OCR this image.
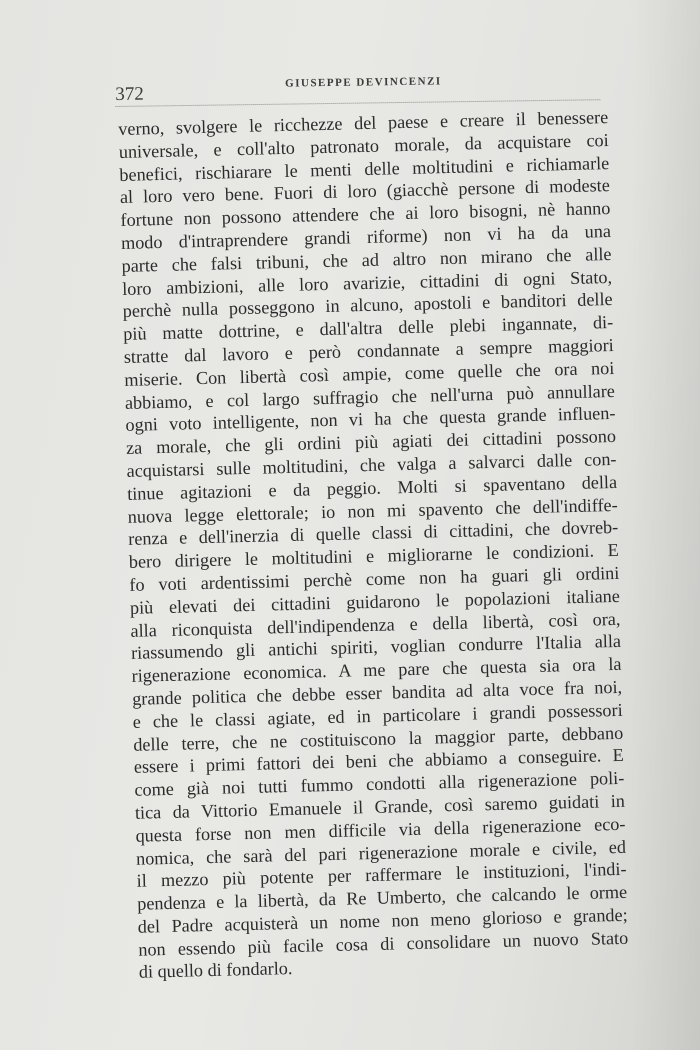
372
GIUSEPPE DEVINCENZI
verno, svolgere le ricchezze del paese e creare il benessere
universale, e coll'alto patronato morale, da acquistare coi
benefici, rischiarare le menti delle moltitudini e richiamarle
al loro vero bene. Fuori di loro (giacchè persone di modeste
fortune non possono attendere che ai loro bisogni, nè hanno
modo d'intraprendere grandi riforme) non vi ha da una
parte che falsi tribuni, che ad altro non mirano che alle
loro ambizioni, alle loro avarizie, cittadini di ogni Stato,
perchè nulla posseggono in alcuno, apostoli e banditori delle
più matte dottrine, e dall'altra delle plebi ingannate, di-
stratte dal lavoro e però condannate a sempre maggiori
miserie. Con libertà così ampie, come quelle che ora noi
abbiamo, e col largo suffragio che nell'urna può annullare
ogni voto intelligente, non vi ha che questa grande influen-
za morale, che gli ordini più agiati dei cittadini possono
acquistarsi sulle moltitudini, che valga a salvarci dalle con-
tinue agitazioni e da peggio. Molti si spaventano della
nuova legge elettorale; io non mi spavento che dell'indiffe-
renza e dell'inerzia di quelle classi di cittadini, che dovreb-
bero dirigere le moltitudini e migliorarne le condizioni. E
fo voti ardentissimi perchè come non ha guari gli ordini
più elevati dei cittadini guidarono le popolazioni italiane
alla riconquista dell'indipendenza e della libertà, così ora,
riassumendo gli antichi spiriti, voglian condurre l'Italia alla
rigenerazione economica. A me pare che questa sia ora la
grande politica che debbe esser bandita ad alta voce fra noi,
e che le classi agiate, ed in particolare i grandi possessori
delle terre, che ne costituiscono la maggior parte, debbano
essere i primi fattori dei beni che abbiamo a conseguire. E
come già noi tutti fummo condotti alla rigenerazione poli-
tica da Vittorio Emanuele il Grande, così saremo guidati in
questa forse non men difficile via della rigenerazione eco-
nomica, che sarà del pari rigenerazione morale e civile, ed
il mezzo più potente per raffermare le instituzioni, l'indi-
pendenza e la libertà, da Re Umberto, che calcando le orme
del Padre acquisterà un nome non meno glorioso e grande;
non essendo più facile cosa di consolidare un nuovo Stato
di quello di fondarlo.
